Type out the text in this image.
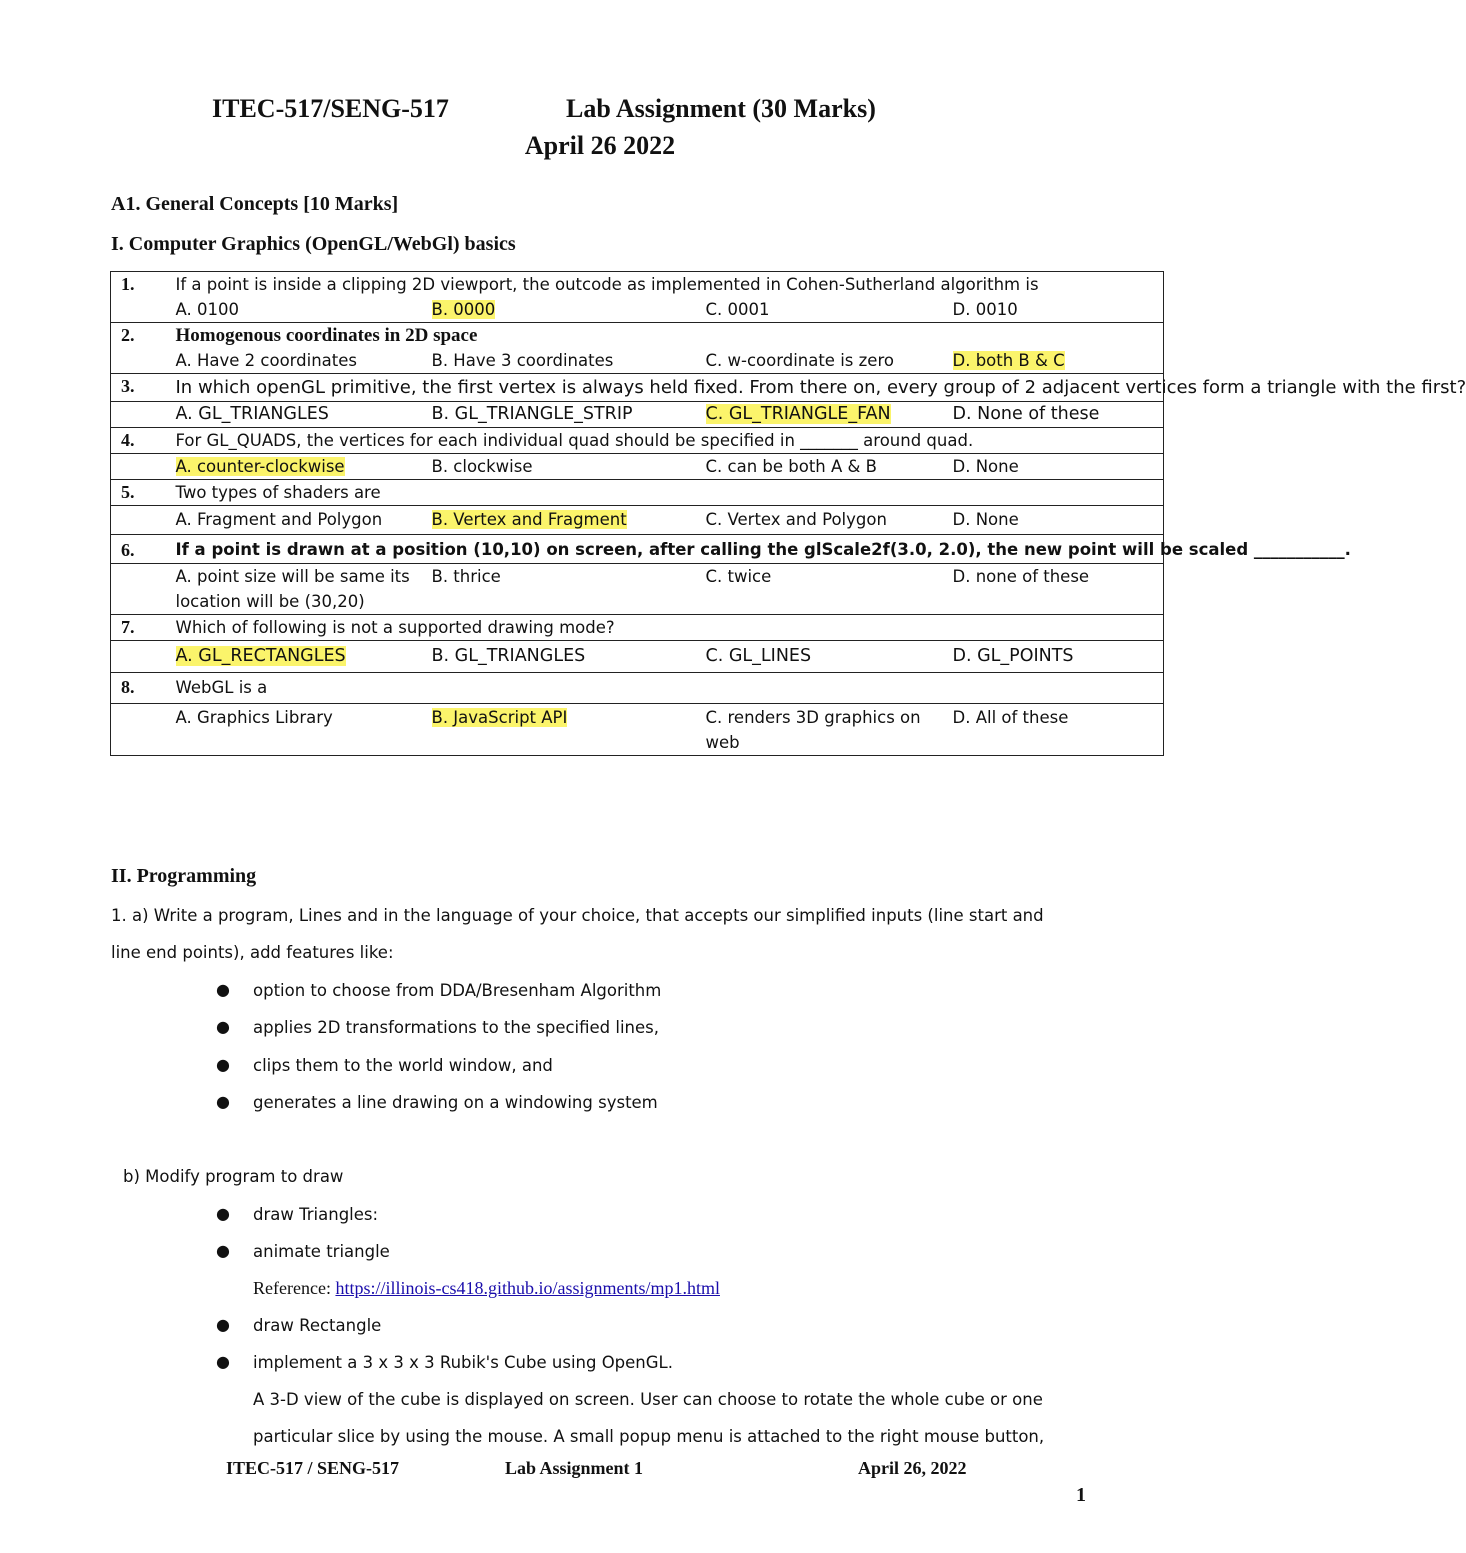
ITEC-517/SENG-517	Lab Assignment (30 Marks)
April 26 2022
A1. General Concepts [10 Marks]
I. Computer Graphics (OpenGL/WebGl) basics
1.	If a point is inside a clipping 2D viewport, the outcode as implemented in Cohen-Sutherland algorithm is
A. 0100 B. 0000 C. 0001 D. 0010

2.	Homogenous coordinates in 2D space
A. Have 2 coordinates B. Have 3 coordinates C. w-coordinate is zero D. both B & C

3.	In which openGL primitive, the first vertex is always held fixed. From there on, every group of 2 adjacent vertices form a triangle with the first?

	A. GL_TRIANGLES B. GL_TRIANGLE_STRIP C. GL_TRIANGLE_FAN D. None of these

4.	For GL_QUADS, the vertices for each individual quad should be specified in _______ around quad.

	A. counter-clockwise B. clockwise C. can be both A & B D. None

5.	Two types of shaders are

	A. Fragment and Polygon B. Vertex and Fragment C. Vertex and Polygon D. None

6.	If a point is drawn at a position (10,10) on screen, after calling the glScale2f(3.0, 2.0), the new point will be scaled ___________.

	A. point size will be same its location will be (30,20)
B. thrice C. twice D. none of these

7.	Which of following is not a supported drawing mode?

	A. GL_RECTANGLES B. GL_TRIANGLES C. GL_LINES D. GL_POINTS

8.	WebGL is a

	A. Graphics Library B. JavaScript API C. renders 3D graphics on web
D. All of these
II. Programming
1. a) Write a program, Lines and in the language of your choice, that accepts our simplified inputs (line start and
line end points), add features like:
● option to choose from DDA/Bresenham Algorithm
● applies 2D transformations to the specified lines,
● clips them to the world window, and
● generates a line drawing on a windowing system
b) Modify program to draw
● draw Triangles:
● animate triangle
Reference: https://illinois-cs418.github.io/assignments/mp1.html
● draw Rectangle
● implement a 3 x 3 x 3 Rubik's Cube using OpenGL.
A 3-D view of the cube is displayed on screen. User can choose to rotate the whole cube or one
particular slice by using the mouse. A small popup menu is attached to the right mouse button,
ITEC-517 / SENG-517	Lab Assignment 1	April 26, 2022
1
